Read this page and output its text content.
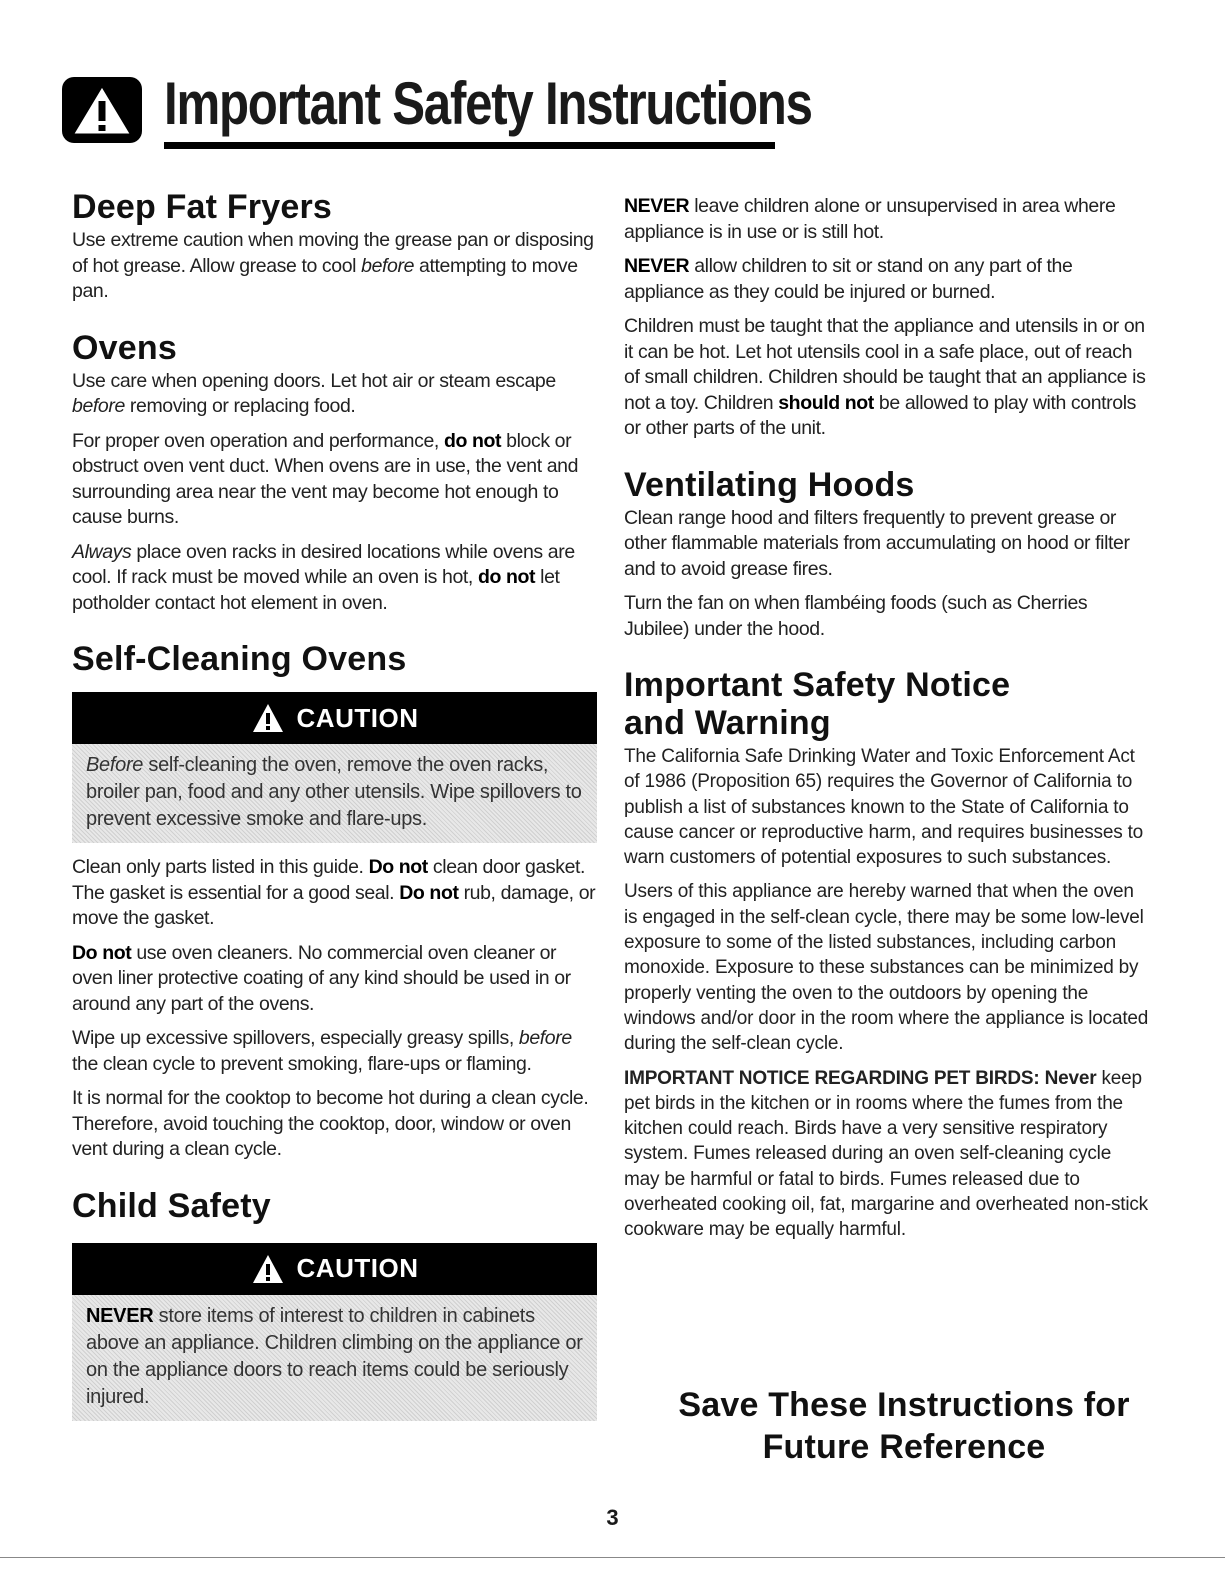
Important Safety Instructions
Deep Fat Fryers

Use extreme caution when moving the grease pan or disposing of hot grease. Allow grease to cool before attempting to move pan.

Ovens

Use care when opening doors. Let hot air or steam escape before removing or replacing food.

For proper oven operation and performance, do not block or obstruct oven vent duct. When ovens are in use, the vent and surrounding area near the vent may become hot enough to cause burns.

Always place oven racks in desired locations while ovens are cool. If rack must be moved while an oven is hot, do not let potholder contact hot element in oven.

Self-Cleaning Ovens
CAUTION

Before self-cleaning the oven, remove the oven racks, broiler pan, food and any other utensils. Wipe spillovers to prevent excessive smoke and flare-ups.

Clean only parts listed in this guide. Do not clean door gasket. The gasket is essential for a good seal. Do not rub, damage, or move the gasket.

Do not use oven cleaners. No commercial oven cleaner or oven liner protective coating of any kind should be used in or around any part of the ovens.

Wipe up excessive spillovers, especially greasy spills, before the clean cycle to prevent smoking, flare-ups or flaming.

It is normal for the cooktop to become hot during a clean cycle. Therefore, avoid touching the cooktop, door, window or oven vent during a clean cycle.

Child Safety
CAUTION

NEVER store items of interest to children in cabinets above an appliance. Children climbing on the appliance or on the appliance doors to reach items could be seriously injured.

NEVER leave children alone or unsupervised in area where appliance is in use or is still hot.

NEVER allow children to sit or stand on any part of the appliance as they could be injured or burned.

Children must be taught that the appliance and utensils in or on it can be hot. Let hot utensils cool in a safe place, out of reach of small children. Children should be taught that an appliance is not a toy. Children should not be allowed to play with controls or other parts of the unit.

Ventilating Hoods

Clean range hood and filters frequently to prevent grease or other flammable materials from accumulating on hood or filter and to avoid grease fires.

Turn the fan on when flambéing foods (such as Cherries Jubilee) under the hood.

Important Safety Notice
and Warning

The California Safe Drinking Water and Toxic Enforcement Act of 1986 (Proposition 65) requires the Governor of California to publish a list of substances known to the State of California to cause cancer or reproductive harm, and requires businesses to warn customers of potential exposures to such substances.

Users of this appliance are hereby warned that when the oven is engaged in the self-clean cycle, there may be some low-level exposure to some of the listed substances, including carbon monoxide. Exposure to these substances can be minimized by properly venting the oven to the outdoors by opening the windows and/or door in the room where the appliance is located during the self-clean cycle.

IMPORTANT NOTICE REGARDING PET BIRDS: Never keep pet birds in the kitchen or in rooms where the fumes from the kitchen could reach. Birds have a very sensitive respiratory system. Fumes released during an oven self-cleaning cycle may be harmful or fatal to birds. Fumes released due to overheated cooking oil, fat, margarine and overheated non-stick cookware may be equally harmful.

Save These Instructions for
Future Reference
3
